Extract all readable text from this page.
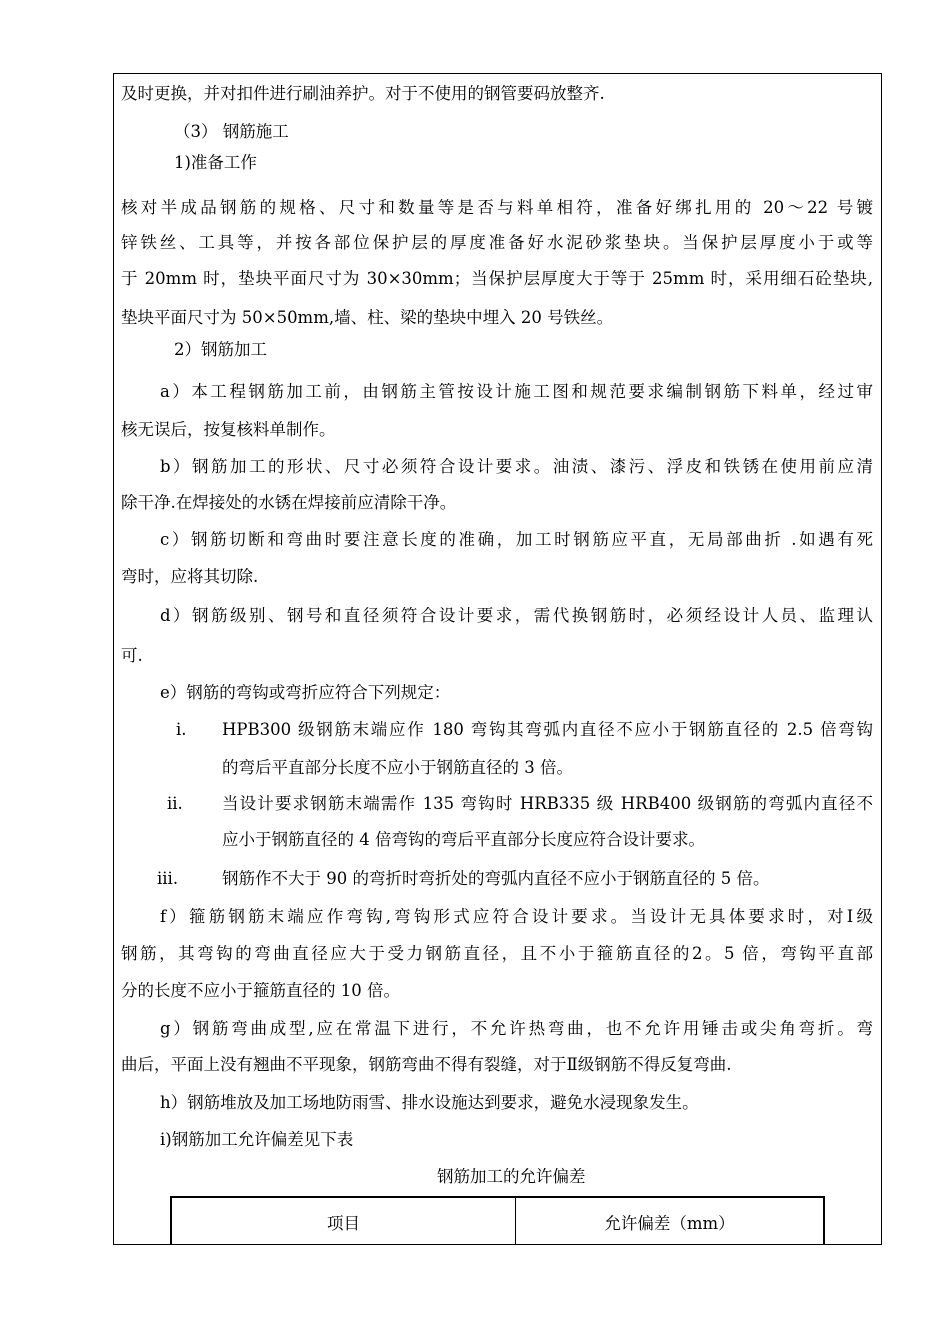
及时更换，并对扣件进行刷油养护。对于不使用的钢管要码放整齐.
（3） 钢筋施工
1)准备工作
核对半成品钢筋的规格、尺寸和数量等是否与料单相符，准备好绑扎用的 20～22 号镀
锌铁丝、工具等，并按各部位保护层的厚度准备好水泥砂浆垫块。当保护层厚度小于或等
于 20mm 时，垫块平面尺寸为 30×30mm；当保护层厚度大于等于 25mm 时，采用细石砼垫块,
垫块平面尺寸为 50×50mm,墙、柱、梁的垫块中埋入 20 号铁丝。
2）钢筋加工
a）本工程钢筋加工前，由钢筋主管按设计施工图和规范要求编制钢筋下料单，经过审
核无误后，按复核料单制作。
b）钢筋加工的形状、尺寸必须符合设计要求。油渍、漆污、浮皮和铁锈在使用前应清
除干净.在焊接处的水锈在焊接前应清除干净。
c）钢筋切断和弯曲时要注意长度的准确，加工时钢筋应平直，无局部曲折 .如遇有死
弯时，应将其切除.
d）钢筋级别、钢号和直径须符合设计要求，需代换钢筋时，必须经设计人员、监理认
可.
e）钢筋的弯钩或弯折应符合下列规定：
i. HPB300 级钢筋末端应作 180 弯钩其弯弧内直径不应小于钢筋直径的 2.5 倍弯钩
的弯后平直部分长度不应小于钢筋直径的 3 倍。
ii. 当设计要求钢筋末端需作 135 弯钩时 HRB335 级 HRB400 级钢筋的弯弧内直径不
应小于钢筋直径的 4 倍弯钩的弯后平直部分长度应符合设计要求。
iii.	钢筋作不大于 90 的弯折时弯折处的弯弧内直径不应小于钢筋直径的 5 倍。
f）箍筋钢筋末端应作弯钩,弯钩形式应符合设计要求。当设计无具体要求时，对Ⅰ级
钢筋，其弯钩的弯曲直径应大于受力钢筋直径，且不小于箍筋直径的2。5 倍，弯钩平直部
分的长度不应小于箍筋直径的 10 倍。
g）钢筋弯曲成型,应在常温下进行，不允许热弯曲，也不允许用锤击或尖角弯折。弯
曲后，平面上没有翘曲不平现象，钢筋弯曲不得有裂缝，对于Ⅱ级钢筋不得反复弯曲.
h）钢筋堆放及加工场地防雨雪、排水设施达到要求，避免水浸现象发生。
i)钢筋加工允许偏差见下表
钢筋加工的允许偏差
项目	允许偏差（mm）
